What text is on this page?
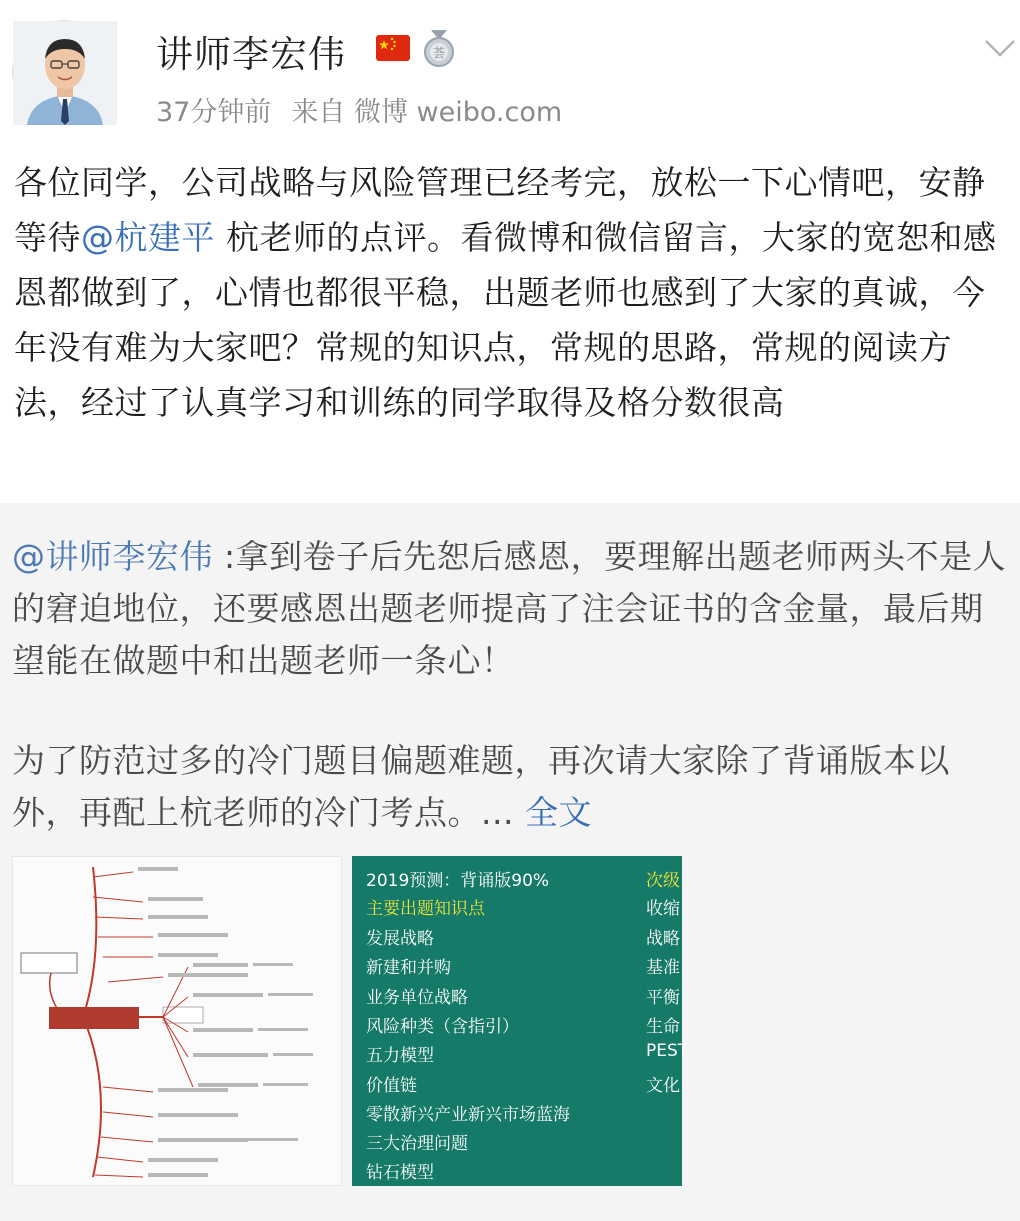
讲师李宏伟	荟
37分钟前 来自 微博 weibo.com
各位同学，公司战略与风险管理已经考完，放松一下心情吧，安静等待@杭建平 杭老师的点评。看微博和微信留言，大家的宽恕和感恩都做到了，心情也都很平稳，出题老师也感到了大家的真诚，今年没有难为大家吧？常规的知识点，常规的思路，常规的阅读方法，经过了认真学习和训练的同学取得及格分数很高
@讲师李宏伟 :拿到卷子后先恕后感恩，要理解出题老师两头不是人的窘迫地位，还要感恩出题老师提高了注会证书的含金量，最后期望能在做题中和出题老师一条心！
为了防范过多的冷门题目偏题难题，再次请大家除了背诵版本以外，再配上杭老师的冷门考点。... 全文
2019预测：背诵版90%
主要出题知识点
发展战略
新建和并购
业务单位战略
风险种类（含指引）
五力模型
价值链
零散新兴产业新兴市场蓝海
三大治理问题
钻石模型
次级
收缩
战略
基准
平衡
生命
PEST
文化
